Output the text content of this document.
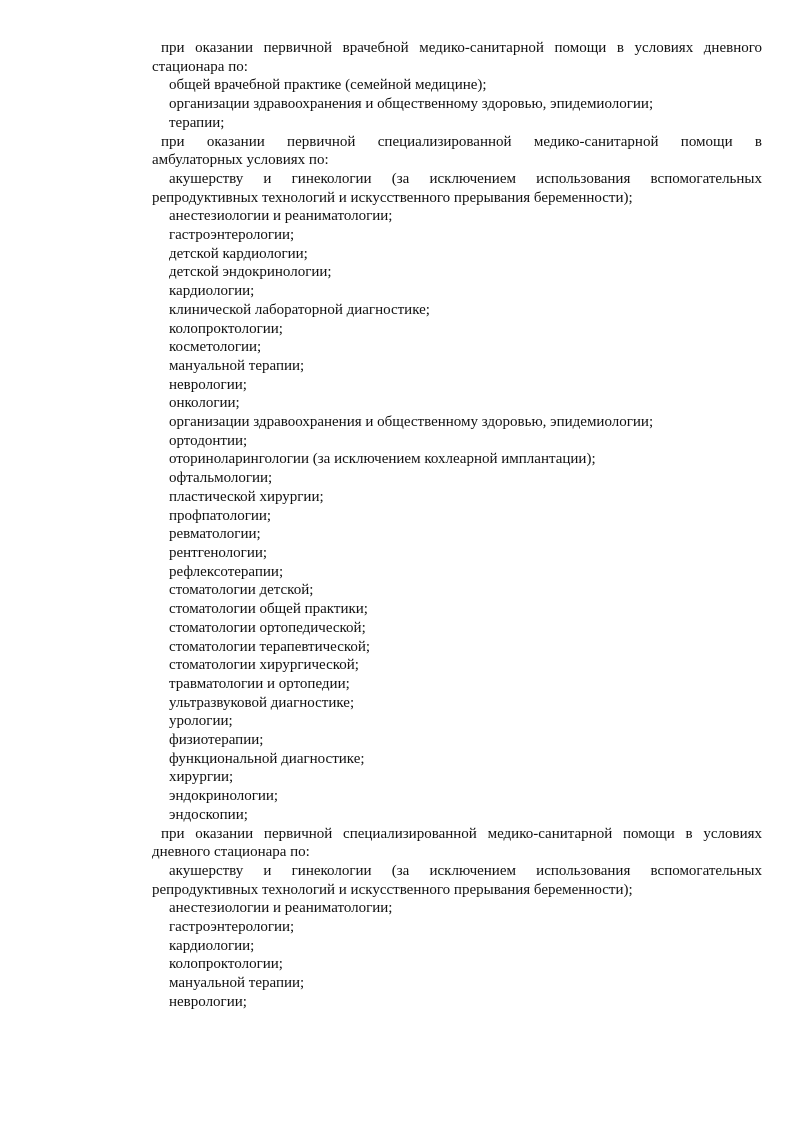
при оказании первичной врачебной медико-санитарной помощи в условиях дневного
стационара по:
общей врачебной практике (семейной медицине);
организации здравоохранения и общественному здоровью, эпидемиологии;
терапии;
при оказании первичной специализированной медико-санитарной помощи в
амбулаторных условиях по:
акушерству и гинекологии (за исключением использования вспомогательных
репродуктивных технологий и искусственного прерывания беременности);
анестезиологии и реаниматологии;
гастроэнтерологии;
детской кардиологии;
детской эндокринологии;
кардиологии;
клинической лабораторной диагностике;
колопроктологии;
косметологии;
мануальной терапии;
неврологии;
онкологии;
организации здравоохранения и общественному здоровью, эпидемиологии;
ортодонтии;
оториноларингологии (за исключением кохлеарной имплантации);
офтальмологии;
пластической хирургии;
профпатологии;
ревматологии;
рентгенологии;
рефлексотерапии;
стоматологии детской;
стоматологии общей практики;
стоматологии ортопедической;
стоматологии терапевтической;
стоматологии хирургической;
травматологии и ортопедии;
ультразвуковой диагностике;
урологии;
физиотерапии;
функциональной диагностике;
хирургии;
эндокринологии;
эндоскопии;
при оказании первичной специализированной медико-санитарной помощи в условиях
дневного стационара по:
акушерству и гинекологии (за исключением использования вспомогательных
репродуктивных технологий и искусственного прерывания беременности);
анестезиологии и реаниматологии;
гастроэнтерологии;
кардиологии;
колопроктологии;
мануальной терапии;
неврологии;
